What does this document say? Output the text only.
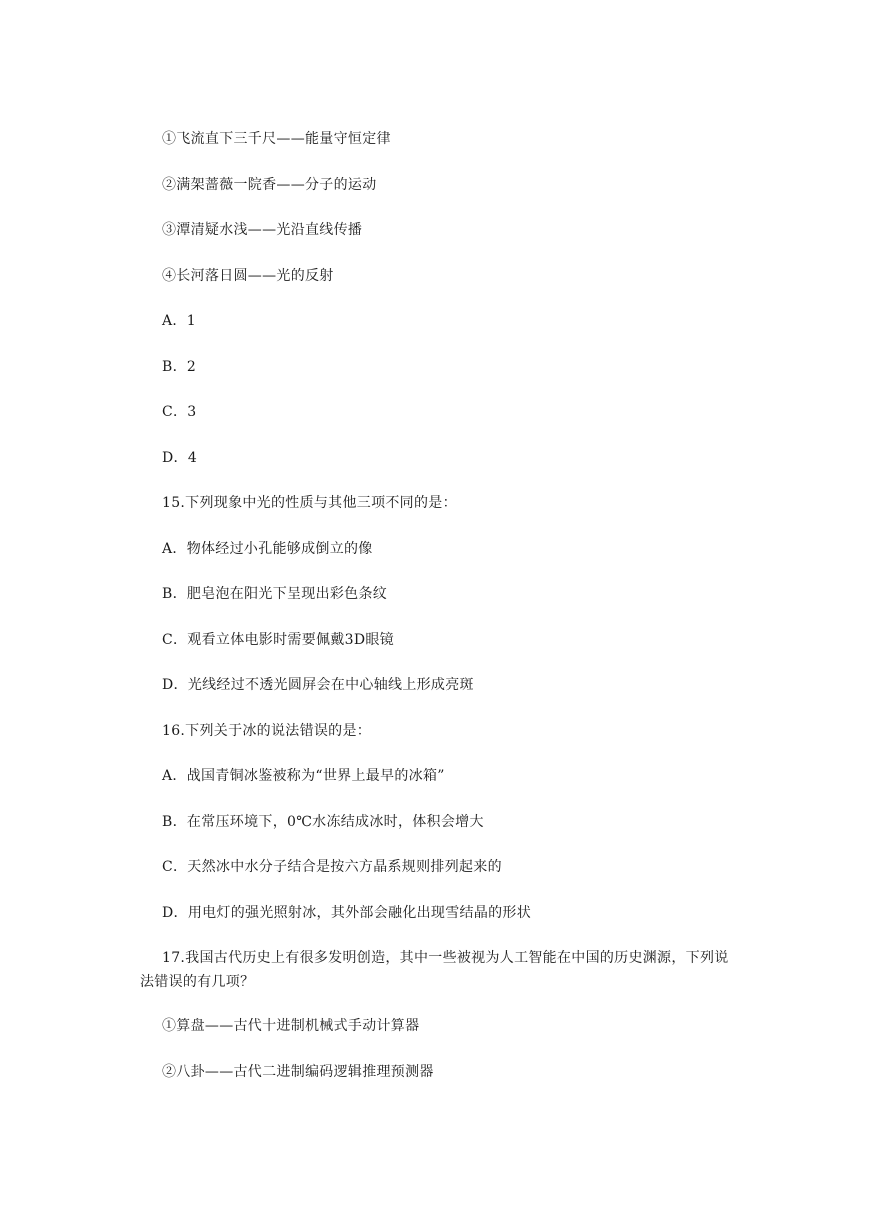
①飞流直下三千尺——能量守恒定律
②满架蔷薇一院香——分子的运动
③潭清疑水浅——光沿直线传播
④长河落日圆——光的反射
A．1
B．2
C．3
D．4
15.下列现象中光的性质与其他三项不同的是：
A．物体经过小孔能够成倒立的像
B．肥皂泡在阳光下呈现出彩色条纹
C．观看立体电影时需要佩戴3D眼镜
D．光线经过不透光圆屏会在中心轴线上形成亮斑
16.下列关于冰的说法错误的是：
A．战国青铜冰鉴被称为“世界上最早的冰箱”
B．在常压环境下，0℃水冻结成冰时，体积会增大
C．天然冰中水分子结合是按六方晶系规则排列起来的
D．用电灯的强光照射冰，其外部会融化出现雪结晶的形状
17.我国古代历史上有很多发明创造，其中一些被视为人工智能在中国的历史渊源，下列说法错误的有几项？
①算盘——古代十进制机械式手动计算器
②八卦——古代二进制编码逻辑推理预测器
